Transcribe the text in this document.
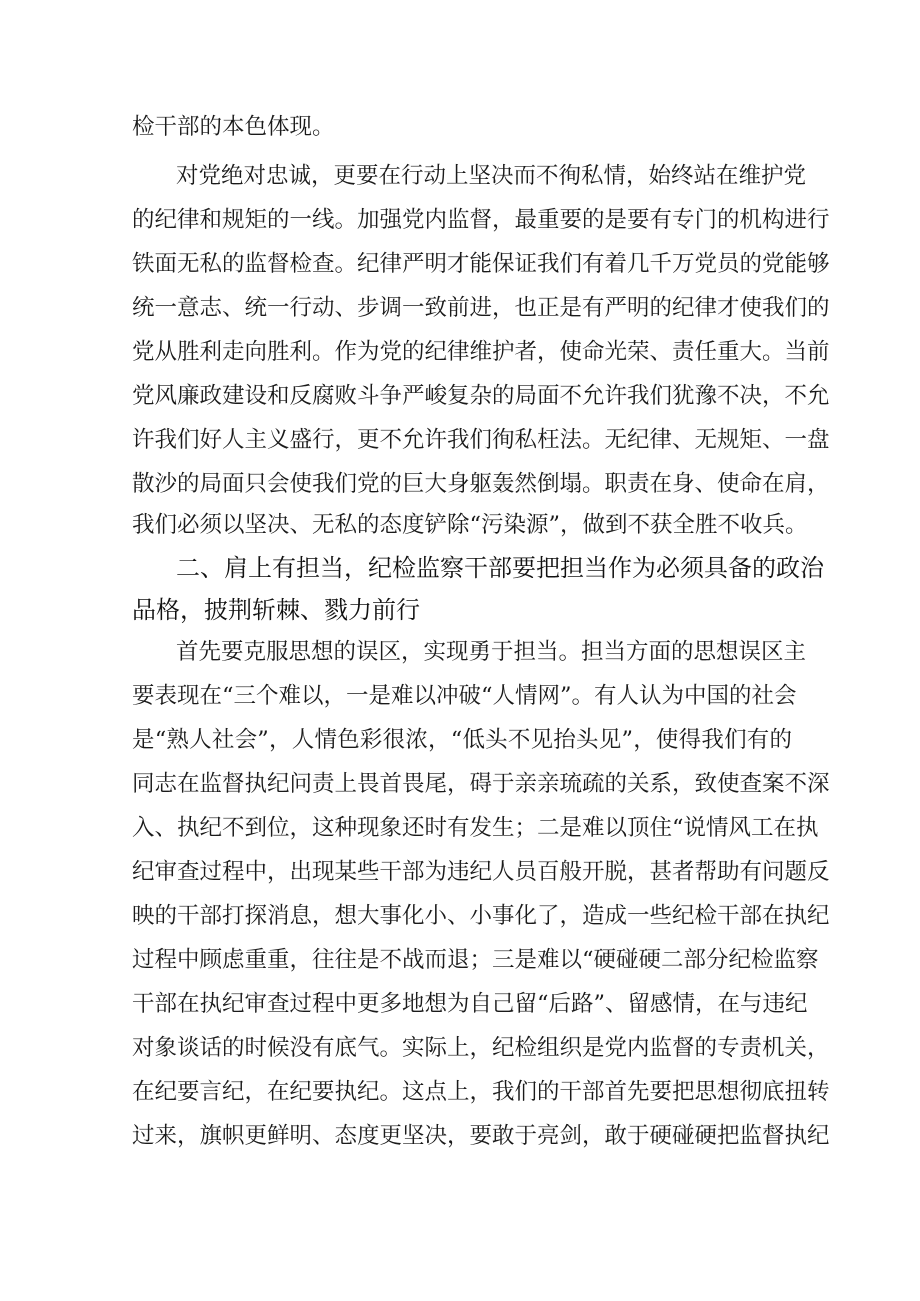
检干部的本色体现。
对党绝对忠诚，更要在行动上坚决而不徇私情，始终站在维护党
的纪律和规矩的一线。加强党内监督，最重要的是要有专门的机构进行
铁面无私的监督检查。纪律严明才能保证我们有着几千万党员的党能够
统一意志、统一行动、步调一致前进，也正是有严明的纪律才使我们的
党从胜利走向胜利。作为党的纪律维护者，使命光荣、责任重大。当前
党风廉政建设和反腐败斗争严峻复杂的局面不允许我们犹豫不决，不允
许我们好人主义盛行，更不允许我们徇私枉法。无纪律、无规矩、一盘
散沙的局面只会使我们党的巨大身躯轰然倒塌。职责在身、使命在肩，
我们必须以坚决、无私的态度铲除“污染源”，做到不获全胜不收兵。
二、肩上有担当，纪检监察干部要把担当作为必须具备的政治
品格，披荆斩棘、戮力前行
首先要克服思想的误区，实现勇于担当。担当方面的思想误区主
要表现在“三个难以，一是难以冲破“人情网”。有人认为中国的社会
是“熟人社会”，人情色彩很浓，“低头不见抬头见”，使得我们有的
同志在监督执纪问责上畏首畏尾，碍于亲亲琉疏的关系，致使查案不深
入、执纪不到位，这种现象还时有发生；二是难以顶住“说情风工在执
纪审查过程中，出现某些干部为违纪人员百般开脱，甚者帮助有问题反
映的干部打探消息，想大事化小、小事化了，造成一些纪检干部在执纪
过程中顾虑重重，往往是不战而退；三是难以“硬碰硬二部分纪检监察
干部在执纪审查过程中更多地想为自己留“后路”、留感情，在与违纪
对象谈话的时候没有底气。实际上，纪检组织是党内监督的专责机关，
在纪要言纪，在纪要执纪。这点上，我们的干部首先要把思想彻底扭转
过来，旗帜更鲜明、态度更坚决，要敢于亮剑，敢于硬碰硬把监督执纪
